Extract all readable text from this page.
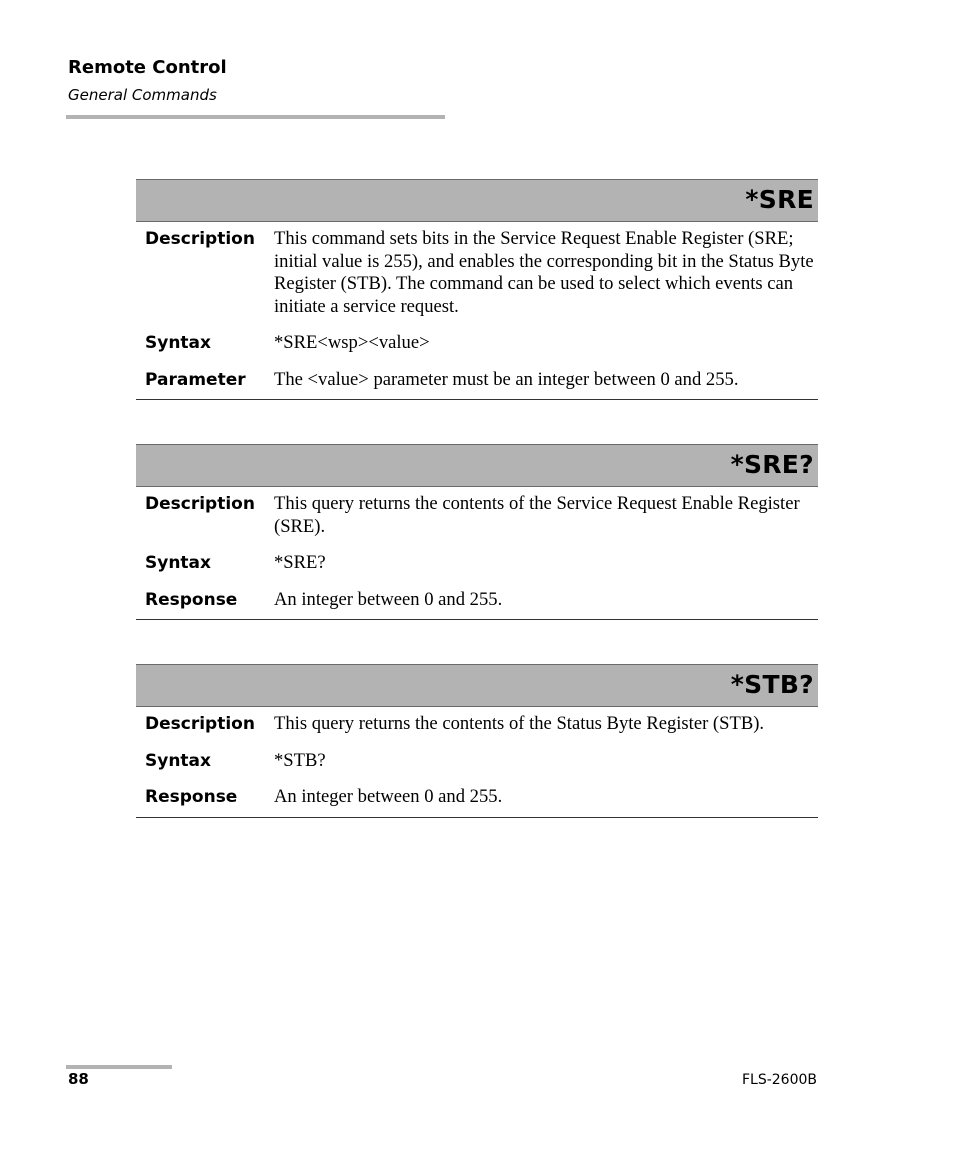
Remote Control
General Commands
*SRE
Description	This command sets bits in the Service Request Enable Register (SRE; initial value is 255), and enables the corresponding bit in the Status Byte Register (STB). The command can be used to select which events can initiate a service request.
Syntax	*SRE<wsp><value>
Parameter	The <value> parameter must be an integer between 0 and 255.
*SRE?
Description	This query returns the contents of the Service Request Enable Register (SRE).
Syntax	*SRE?
Response	An integer between 0 and 255.
*STB?
Description	This query returns the contents of the Status Byte Register (STB).
Syntax	*STB?
Response	An integer between 0 and 255.
88	FLS-2600B
